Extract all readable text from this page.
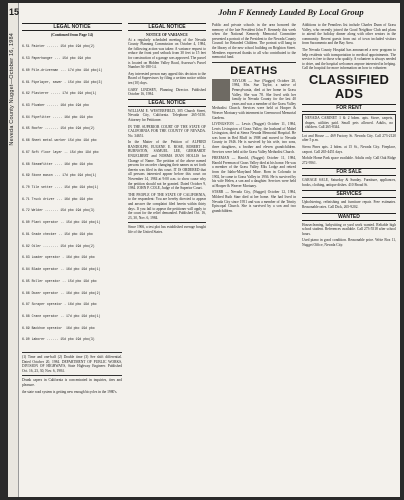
15
Neveda County Nugget—October 16, 1984
John F Kennedy Lauded By Local Group
LEGAL NOTICE
(Continued from Page 14)

6.51 Painter ...... 15d pbo 19d pbo(2)

6.53 Paperhanger ... 15d pbo 19d pbo

6.60 Pile-driverman ... 17d pbo 19d pbo(1)

6.61 Pipelayer, sewer . 15d pbo 19d pbo(3)

6.62 Plasterer ..... 17d pbo 19d pbo(1)

6.63 Plumber ...... 16d pbo 19d pbo

6.64 Pipefitter ..... 16d pbo 19d pbo

6.65 Roofer ....... 15d pbo 19d pbo(2)

6.66 Sheet metal worker 15d pbo 19d pbo

6.67 Soft floor layer .. 15d pbo 19d pbo

6.68 Steamfitter .... 16d pbo 19d pbo

6.69 Stone mason ... 17d pbo 19d pbo(1)

6.70 Tile setter .... 15d pbo 19d pbo(1)

6.71 Truck driver ... 16d pbo 19d pbo

6.72 Welder ....... 15d pbo 19d pbo(3)

6.80 Plant operator .. 15d pbo 19d pbo(1)

6.81 Grade checker .. 15d pbo 19d pbo

6.82 Oiler ........ 15d pbo 19d pbo(2)

6.83 Loader operator . 16d pbo 19d pbo

6.84 Blade operator .. 16d pbo 19d pbo(1)

6.85 Roller operator .. 15d pbo 19d pbo

6.86 Dozer operator .. 16d pbo 19d pbo(2)

6.87 Scraper operator . 16d pbo 19d pbo

6.88 Crane operator .. 17d pbo 19d pbo(1)

6.89 Backhoe operator  16d pbo 19d pbo

6.90 Laborer ...... 15d pbo 19d pbo(3)

(1) Time and one-half (2) Double time (3) See shift differential. Dated October 20, 1984. DEPARTMENT OF PUBLIC WORKS, DIVISION OF HIGHWAYS, State Highway Engineer. Published Oct. 16, 23, 30, Nov. 6, 1984.

Drunk capers in California is concentrated in inquiries, tires and pleasure.

the state road system is getting new enough bicycles in the 1980's.

LEGAL NOTICE
NOTICE OF VARIANCE

At a regularly scheduled meeting of the Nevada County Planning Commission on October 4, 1984, the following action was taken: A variance request to reduce the front yard setback from 30 feet to 15 feet for construction of a garage was approved. The parcel is located on Hidden Valley Road, Assessor's Parcel Number 36-180-14.

Any interested person may appeal this decision to the Board of Supervisors by filing a written notice within ten (10) days.

GARY LINDSEY, Planning Director. Published October 16, 1984.

LEGAL NOTICE

WILLIAM E. WESTERFIELD, 305 Church Street, Nevada City, California. Telephone 265-5150. Attorney for Petitioner.

IN THE SUPERIOR COURT OF THE STATE OF CALIFORNIA FOR THE COUNTY OF NEVADA. No. 34651.

In the Matter of the Petition of ALFRED RANDOLPH, EUGENE E. ROSE, ROBERT L. BURNSTON, SAMUEL LEE, GERHARDT ENGELBERT and NORMA JEAN HOLLIS for Change of Name. The petition of the above named persons for an order changing their names as set forth therein was filed in this court. IT IS ORDERED that all persons interested appear before this court on November 14, 1984 at 9:00 a.m. to show cause why the petition should not be granted. Dated October 9, 1984. JOHN P. COLE, Judge of the Superior Court.

THE PEOPLE OF THE STATE OF CALIFORNIA, to the respondent: You are hereby directed to appear and answer the complaint filed herein within thirty days. If you fail to appear the petitioner will apply to the court for the relief demanded. Published Oct. 16, 23, 30, Nov. 6, 1984.

Since 1966, a test plot has established average bought life of the United States.

Public and private schools in the area honored the memory of the late President John F. Kennedy this week when the National Kennedy Memorial Committee presented a portrait of the President to the Nevada County Council for Retarded Children. The portrait will hang in the library of the new school building on Brighton Street. Members expressed thanks to all who contributed to the memorial fund.

DEATHS

TAYLOR — Sue (Nugget) October 20, 1984, Mrs. Sue Taylor, a native of Pennsylvania, died at her home in Grass Valley. She was 78. She lived with her family in Nevada County for the last 40 years and was a member of the Grass Valley Methodist Church. Services were held at Hooper & Weaver Mortuary with interment in Greenwood Memorial Gardens.

LIVINGSTON — Lewis (Nugget) October 11, 1984, Lewis Livingston of Grass Valley, the husband of Mabel Livingston, died at Sierra Nevada Memorial Hospital. He was born in Red Bluff in 1908 and moved to Nevada County in 1946. He is survived by his wife, two sons, three daughters, a brother and eleven grandchildren. Services were held at the Grass Valley Methodist Church.

FREEMAN — Harold, (Nugget) October 11, 1984, Harold Freeman of Grass Valley died at his home. He was a member of the Grass Valley Elks Lodge and retired from the Idaho-Maryland Mine. Born in Colorado in 1902, he came to Grass Valley in 1936. He is survived by his wife Helen, a son and a daughter. Services were held at Hooper & Weaver Mortuary.

STARR — Nevada City, (Nugget) October 12, 1984, Mildred Ruth Starr died at her home. She had lived in Nevada City since 1951 and was a member of the Trinity Episcopal Church. She is survived by a son and two grandchildren.

Additions to the Penniless list include Charles Dunn of Grass Valley, who recently joined the Good Neighbor Club and plans to attend the holiday dinner along with other seniors in the community. Recent guests from out of town included visitors from Sacramento and the Bay Area.

The Nevada County Hospital has announced a new program to help residents with transportation to medical appointments. The service is free to those who qualify. A volunteer is always needed to drive, and the hospital welcomes anyone interested in helping. Call the hospital for more information on how to volunteer.

CLASSIFIED ADS
FOR RENT

NEVADA CABINET 1 & 2 bdrm. apts. Stove, carpets, drapes, utilities paid. Small pets allowed. Adults, no children. Call 265-8344.

Lot and House — 469 Factory St. Nevada City. Call 273-2120 after 5 p.m.

Sierra Pines apts. 2 bdrm. at 15 St., Nevada City. Fireplace, carport. Call 265-4451 days.

Mobile Home Park space available. Adults only. Call Oak Ridge 272-9561.

FOR SALE

GARAGE SALE, Saturday & Sunday. Furniture, appliances, books, clothing, antique dishes. 410 Broad St.

SERVICES

Upholstering, refinishing and furniture repair. Free estimates. Reasonable rates. Call Dick, 265-9202.

WANTED

Housecleaning, babysitting or yard work wanted. Reliable high school student. References available. Call 273-5518 after school hours.

Used piano in good condition. Reasonable price. Write Box 11, Nugget Office, Nevada City.
